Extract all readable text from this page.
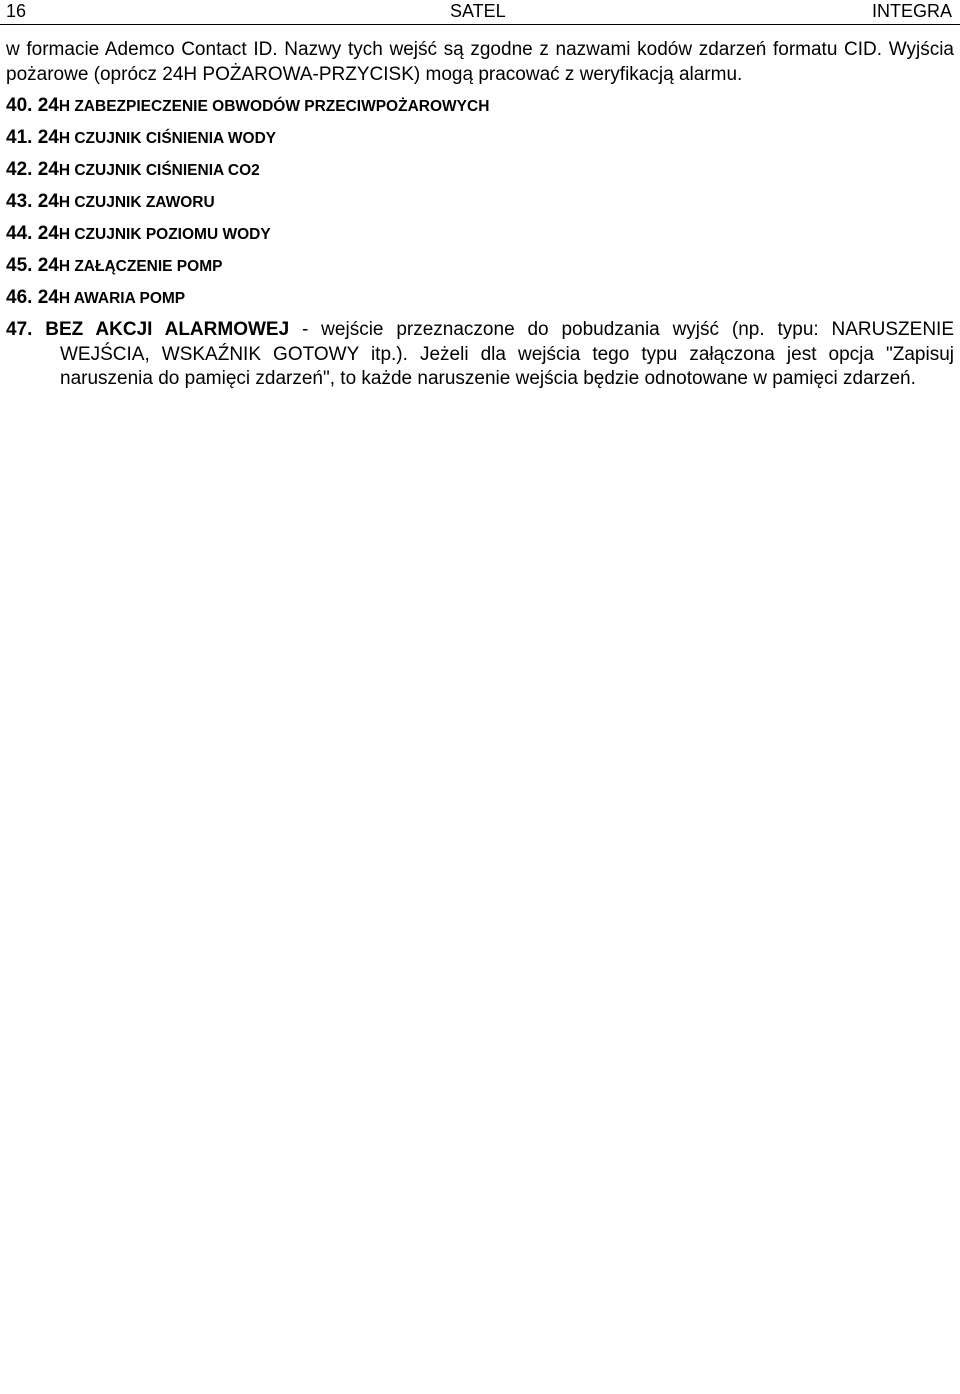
16	SATEL	INTEGRA

w formacie Ademco Contact ID. Nazwy tych wejść są zgodne z nazwami kodów zdarzeń formatu CID. Wyjścia pożarowe (oprócz 24H POŻAROWA-PRZYCISK) mogą pracować z weryfikacją alarmu.

40. 24H ZABEZPIECZENIE OBWODÓW PRZECIWPOŻAROWYCH
41. 24H CZUJNIK CIŚNIENIA WODY
42. 24H CZUJNIK CIŚNIENIA CO2
43. 24H CZUJNIK ZAWORU
44. 24H CZUJNIK POZIOMU WODY
45. 24H ZAŁĄCZENIE POMP
46. 24H AWARIA POMP

47. BEZ AKCJI ALARMOWEJ - wejście przeznaczone do pobudzania wyjść (np. typu: NARUSZENIE WEJŚCIA, WSKAŹNIK GOTOWY itp.). Jeżeli dla wejścia tego typu załączona jest opcja "Zapisuj naruszenia do pamięci zdarzeń", to każde naruszenie wejścia będzie odnotowane w pamięci zdarzeń.
